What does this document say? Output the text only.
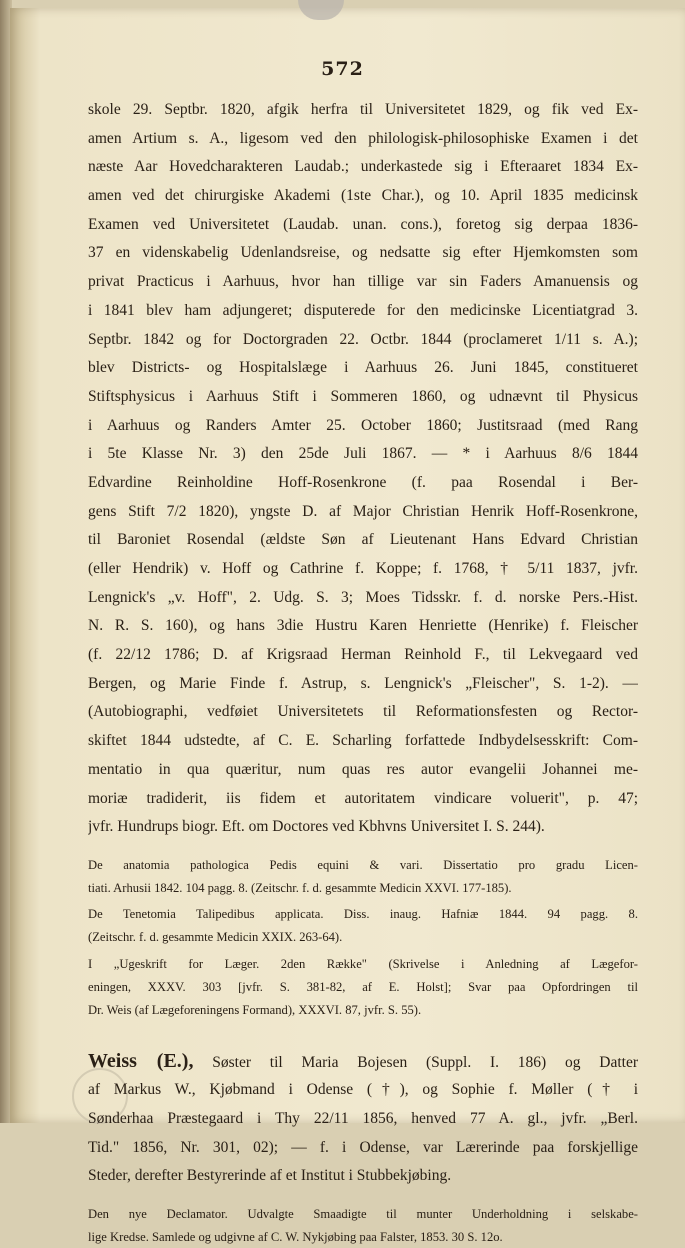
572
skole 29. Septbr. 1820, afgik herfra til Universitetet 1829, og fik ved Ex-
amen Artium s. A., ligesom ved den philologisk-philosophiske Examen i det
næste Aar Hovedcharakteren Laudab.; underkastede sig i Efteraaret 1834 Ex-
amen ved det chirurgiske Akademi (1ste Char.), og 10. April 1835 medicinsk
Examen ved Universitetet (Laudab. unan. cons.), foretog sig derpaa 1836-
37 en videnskabelig Udenlandsreise, og nedsatte sig efter Hjemkomsten som
privat Practicus i Aarhuus, hvor han tillige var sin Faders Amanuensis og
i 1841 blev ham adjungeret; disputerede for den medicinske Licentiatgrad 3.
Septbr. 1842 og for Doctorgraden 22. Octbr. 1844 (proclameret 1/11 s. A.);
blev Districts- og Hospitalslæge i Aarhuus 26. Juni 1845, constitueret
Stiftsphysicus i Aarhuus Stift i Sommeren 1860, og udnævnt til Physicus
i Aarhuus og Randers Amter 25. October 1860; Justitsraad (med Rang
i 5te Klasse Nr. 3) den 25de Juli 1867. — * i Aarhuus 8/6 1844
Edvardine Reinholdine Hoff-Rosenkrone (f. paa Rosendal i Ber-
gens Stift 7/2 1820), yngste D. af Major Christian Henrik Hoff-Rosenkrone,
til Baroniet Rosendal (ældste Søn af Lieutenant Hans Edvard Christian
(eller Hendrik) v. Hoff og Cathrine f. Koppe; f. 1768, † 5/11 1837, jvfr.
Lengnick's „v. Hoff", 2. Udg. S. 3; Moes Tidsskr. f. d. norske Pers.-Hist.
N. R. S. 160), og hans 3die Hustru Karen Henriette (Henrike) f. Fleischer
(f. 22/12 1786; D. af Krigsraad Herman Reinhold F., til Lekvegaard ved
Bergen, og Marie Finde f. Astrup, s. Lengnick's „Fleischer", S. 1-2). —
(Autobiographi, vedføiet Universitetets til Reformationsfesten og Rector-
skiftet 1844 udstedte, af C. E. Scharling forfattede Indbydelsesskrift: Com-
mentatio in qua quæritur, num quas res autor evangelii Johannei me-
moriæ tradiderit, iis fidem et autoritatem vindicare voluerit", p. 47;
jvfr. Hundrups biogr. Eft. om Doctores ved Kbhvns Universitet I. S. 244).
De anatomia pathologica Pedis equini & vari. Dissertatio pro gradu Licen-
tiati. Arhusii 1842. 104 pagg. 8. (Zeitschr. f. d. gesammte Medicin XXVI. 177-185).
De Tenetomia Talipedibus applicata. Diss. inaug. Hafniæ 1844. 94 pagg. 8.
(Zeitschr. f. d. gesammte Medicin XXIX. 263-64).
I „Ugeskrift for Læger. 2den Række" (Skrivelse i Anledning af Lægefor-
eningen, XXXV. 303 [jvfr. S. 381-82, af E. Holst]; Svar paa Opfordringen til
Dr. Weis (af Lægeforeningens Formand), XXXVI. 87, jvfr. S. 55).
Weiss (E.), Søster til Maria Bojesen (Suppl. I. 186) og Datter
af Markus W., Kjøbmand i Odense (†), og Sophie f. Møller († i
Sønderhaa Præstegaard i Thy 22/11 1856, henved 77 A. gl., jvfr. „Berl.
Tid." 1856, Nr. 301, 02); — f. i Odense, var Lærerinde paa forskjellige
Steder, derefter Bestyrerinde af et Institut i Stubbekjøbing.
Den nye Declamator. Udvalgte Smaadigte til munter Underholdning i selskabe-
lige Kredse. Samlede og udgivne af C. W. Nykjøbing paa Falster, 1853. 30 S. 12o.
